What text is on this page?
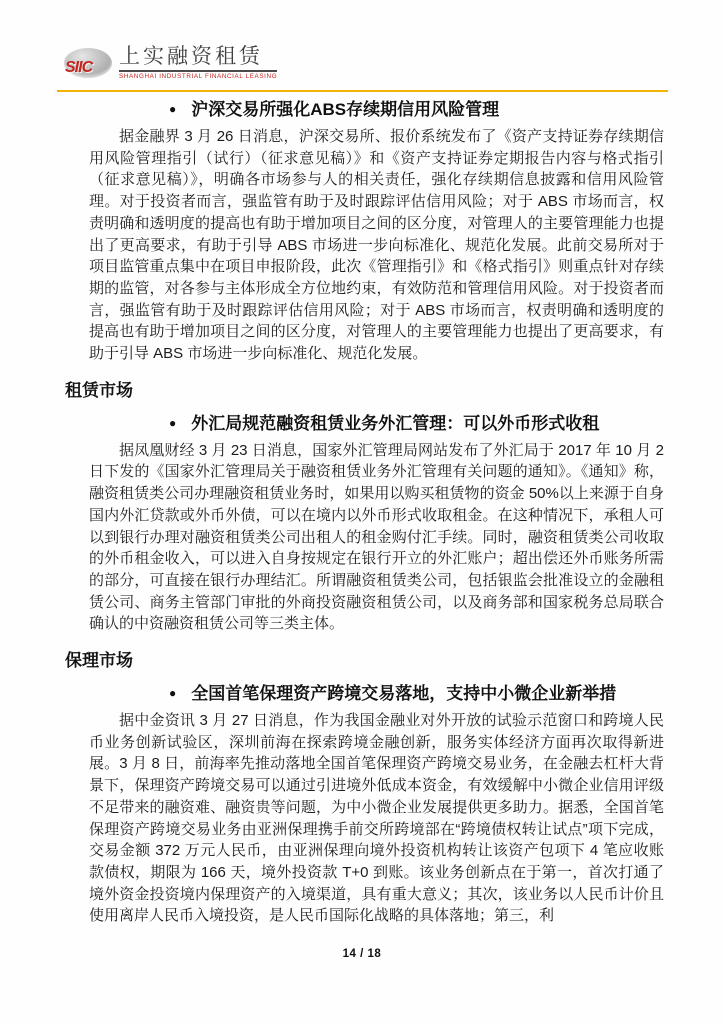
SIIC 上实融资租赁
SHANGHAI INDUSTRIAL FINANCIAL LEASING
● 沪深交易所强化ABS存续期信用风险管理

据金融界 3 月 26 日消息，沪深交易所、报价系统发布了《资产支持证券存续期信用风险管理指引（试行）（征求意见稿）》和《资产支持证券定期报告内容与格式指引（征求意见稿）》，明确各市场参与人的相关责任，强化存续期信息披露和信用风险管理。对于投资者而言，强监管有助于及时跟踪评估信用风险；对于 ABS 市场而言，权责明确和透明度的提高也有助于增加项目之间的区分度，对管理人的主要管理能力也提出了更高要求，有助于引导 ABS 市场进一步向标准化、规范化发展。此前交易所对于项目监管重点集中在项目申报阶段，此次《管理指引》和《格式指引》则重点针对存续期的监管，对各参与主体形成全方位地约束，有效防范和管理信用风险。对于投资者而言，强监管有助于及时跟踪评估信用风险；对于 ABS 市场而言，权责明确和透明度的提高也有助于增加项目之间的区分度，对管理人的主要管理能力也提出了更高要求，有助于引导 ABS 市场进一步向标准化、规范化发展。

租赁市场
● 外汇局规范融资租赁业务外汇管理：可以外币形式收租

据凤凰财经 3 月 23 日消息，国家外汇管理局网站发布了外汇局于 2017 年 10 月 2 日下发的《国家外汇管理局关于融资租赁业务外汇管理有关问题的通知》。《通知》称，融资租赁类公司办理融资租赁业务时，如果用以购买租赁物的资金 50%以上来源于自身国内外汇贷款或外币外债，可以在境内以外币形式收取租金。在这种情况下，承租人可以到银行办理对融资租赁类公司出租人的租金购付汇手续。同时，融资租赁类公司收取的外币租金收入，可以进入自身按规定在银行开立的外汇账户；超出偿还外币账务所需的部分，可直接在银行办理结汇。所谓融资租赁类公司，包括银监会批准设立的金融租赁公司、商务主管部门审批的外商投资融资租赁公司，以及商务部和国家税务总局联合确认的中资融资租赁公司等三类主体。

保理市场
● 全国首笔保理资产跨境交易落地，支持中小微企业新举措

据中金资讯 3 月 27 日消息，作为我国金融业对外开放的试验示范窗口和跨境人民币业务创新试验区，深圳前海在探索跨境金融创新，服务实体经济方面再次取得新进展。3 月 8 日，前海率先推动落地全国首笔保理资产跨境交易业务，在金融去杠杆大背景下，保理资产跨境交易可以通过引进境外低成本资金，有效缓解中小微企业信用评级不足带来的融资难、融资贵等问题，为中小微企业发展提供更多助力。据悉，全国首笔保理资产跨境交易业务由亚洲保理携手前交所跨境部在“跨境债权转让试点”项下完成，交易金额 372 万元人民币，由亚洲保理向境外投资机构转让该资产包项下 4 笔应收账款债权，期限为 166 天，境外投资款 T+0 到账。该业务创新点在于第一，首次打通了境外资金投资境内保理资产的入境渠道，具有重大意义；其次，该业务以人民币计价且使用离岸人民币入境投资，是人民币国际化战略的具体落地；第三，利

14 / 18
